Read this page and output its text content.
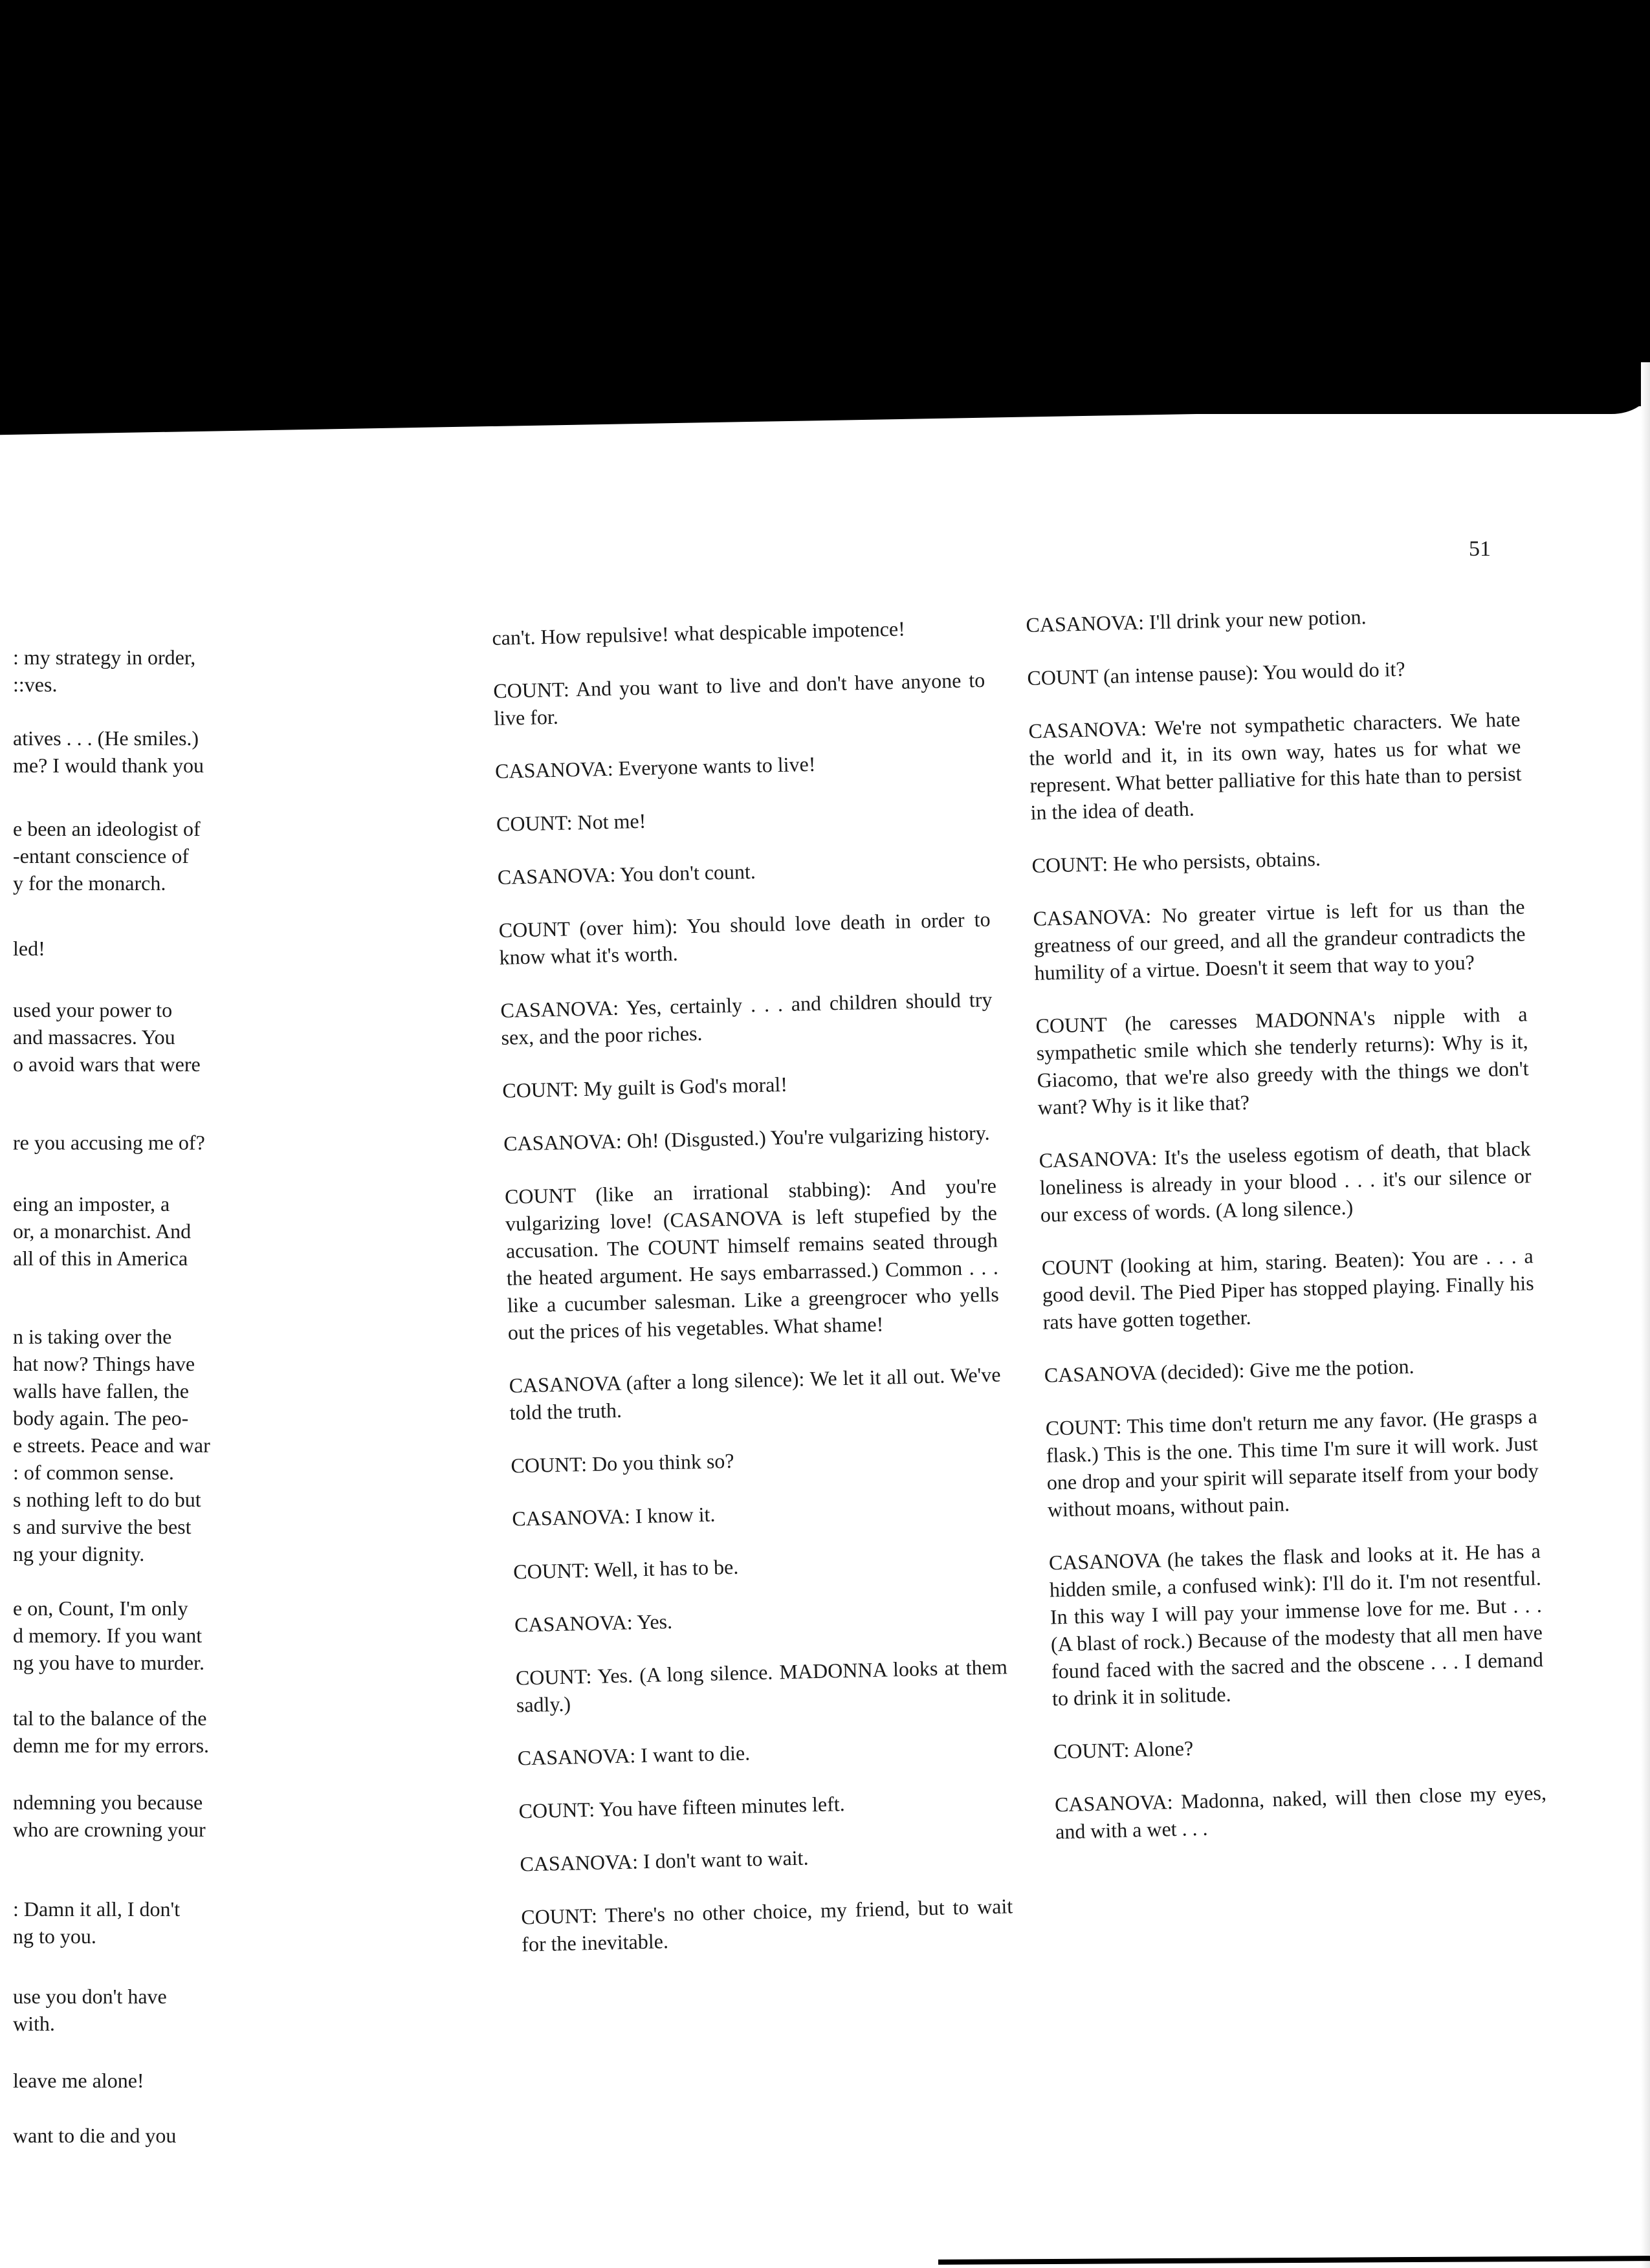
51
: my strategy in order,
::ves.
atives . . . (He smiles.)
me? I would thank you
e been an ideologist of
-entant conscience of
y for the monarch.
led!
used your power to
and massacres. You
o avoid wars that were
re you accusing me of?
eing an imposter, a
or, a monarchist. And
all of this in America
n is taking over the
hat now? Things have
walls have fallen, the
body again. The peo-
e streets. Peace and war
: of common sense.
s nothing left to do but
s and survive the best
ng your dignity.
e on, Count, I'm only
d memory. If you want
ng you have to murder.
tal to the balance of the
demn me for my errors.
ndemning you because
who are crowning your
: Damn it all, I don't
ng to you.
use you don't have
with.
leave me alone!
want to die and you

can't. How repulsive! what despicable impotence!

COUNT: And you want to live and don't have anyone to live for.

CASANOVA: Everyone wants to live!

COUNT: Not me!

CASANOVA: You don't count.

COUNT (over him): You should love death in order to know what it's worth.

CASANOVA: Yes, certainly . . . and children should try sex, and the poor riches.

COUNT: My guilt is God's moral!

CASANOVA: Oh! (Disgusted.) You're vulgarizing history.

COUNT (like an irrational stabbing): And you're vulgarizing love! (CASANOVA is left stupefied by the accusation. The COUNT himself remains seated through the heated argument. He says embarrassed.) Common . . . like a cucumber salesman. Like a greengrocer who yells out the prices of his vegetables. What shame!

CASANOVA (after a long silence): We let it all out. We've told the truth.

COUNT: Do you think so?

CASANOVA: I know it.

COUNT: Well, it has to be.

CASANOVA: Yes.

COUNT: Yes. (A long silence. MADONNA looks at them sadly.)

CASANOVA: I want to die.

COUNT: You have fifteen minutes left.

CASANOVA: I don't want to wait.

COUNT: There's no other choice, my friend, but to wait for the inevitable.

CASANOVA: I'll drink your new potion.

COUNT (an intense pause): You would do it?

CASANOVA: We're not sympathetic characters. We hate the world and it, in its own way, hates us for what we represent. What better palliative for this hate than to persist in the idea of death.

COUNT: He who persists, obtains.

CASANOVA: No greater virtue is left for us than the greatness of our greed, and all the grandeur contradicts the humility of a virtue. Doesn't it seem that way to you?

COUNT (he caresses MADONNA's nipple with a sympathetic smile which she tenderly returns): Why is it, Giacomo, that we're also greedy with the things we don't want? Why is it like that?

CASANOVA: It's the useless egotism of death, that black loneliness is already in your blood . . . it's our silence or our excess of words. (A long silence.)

COUNT (looking at him, staring. Beaten): You are . . . a good devil. The Pied Piper has stopped playing. Finally his rats have gotten together.

CASANOVA (decided): Give me the potion.

COUNT: This time don't return me any favor. (He grasps a flask.) This is the one. This time I'm sure it will work. Just one drop and your spirit will separate itself from your body without moans, without pain.

CASANOVA (he takes the flask and looks at it. He has a hidden smile, a confused wink): I'll do it. I'm not resentful. In this way I will pay your immense love for me. But . . . (A blast of rock.) Because of the modesty that all men have found faced with the sacred and the obscene . . . I demand to drink it in solitude.

COUNT: Alone?

CASANOVA: Madonna, naked, will then close my eyes, and with a wet . . .
